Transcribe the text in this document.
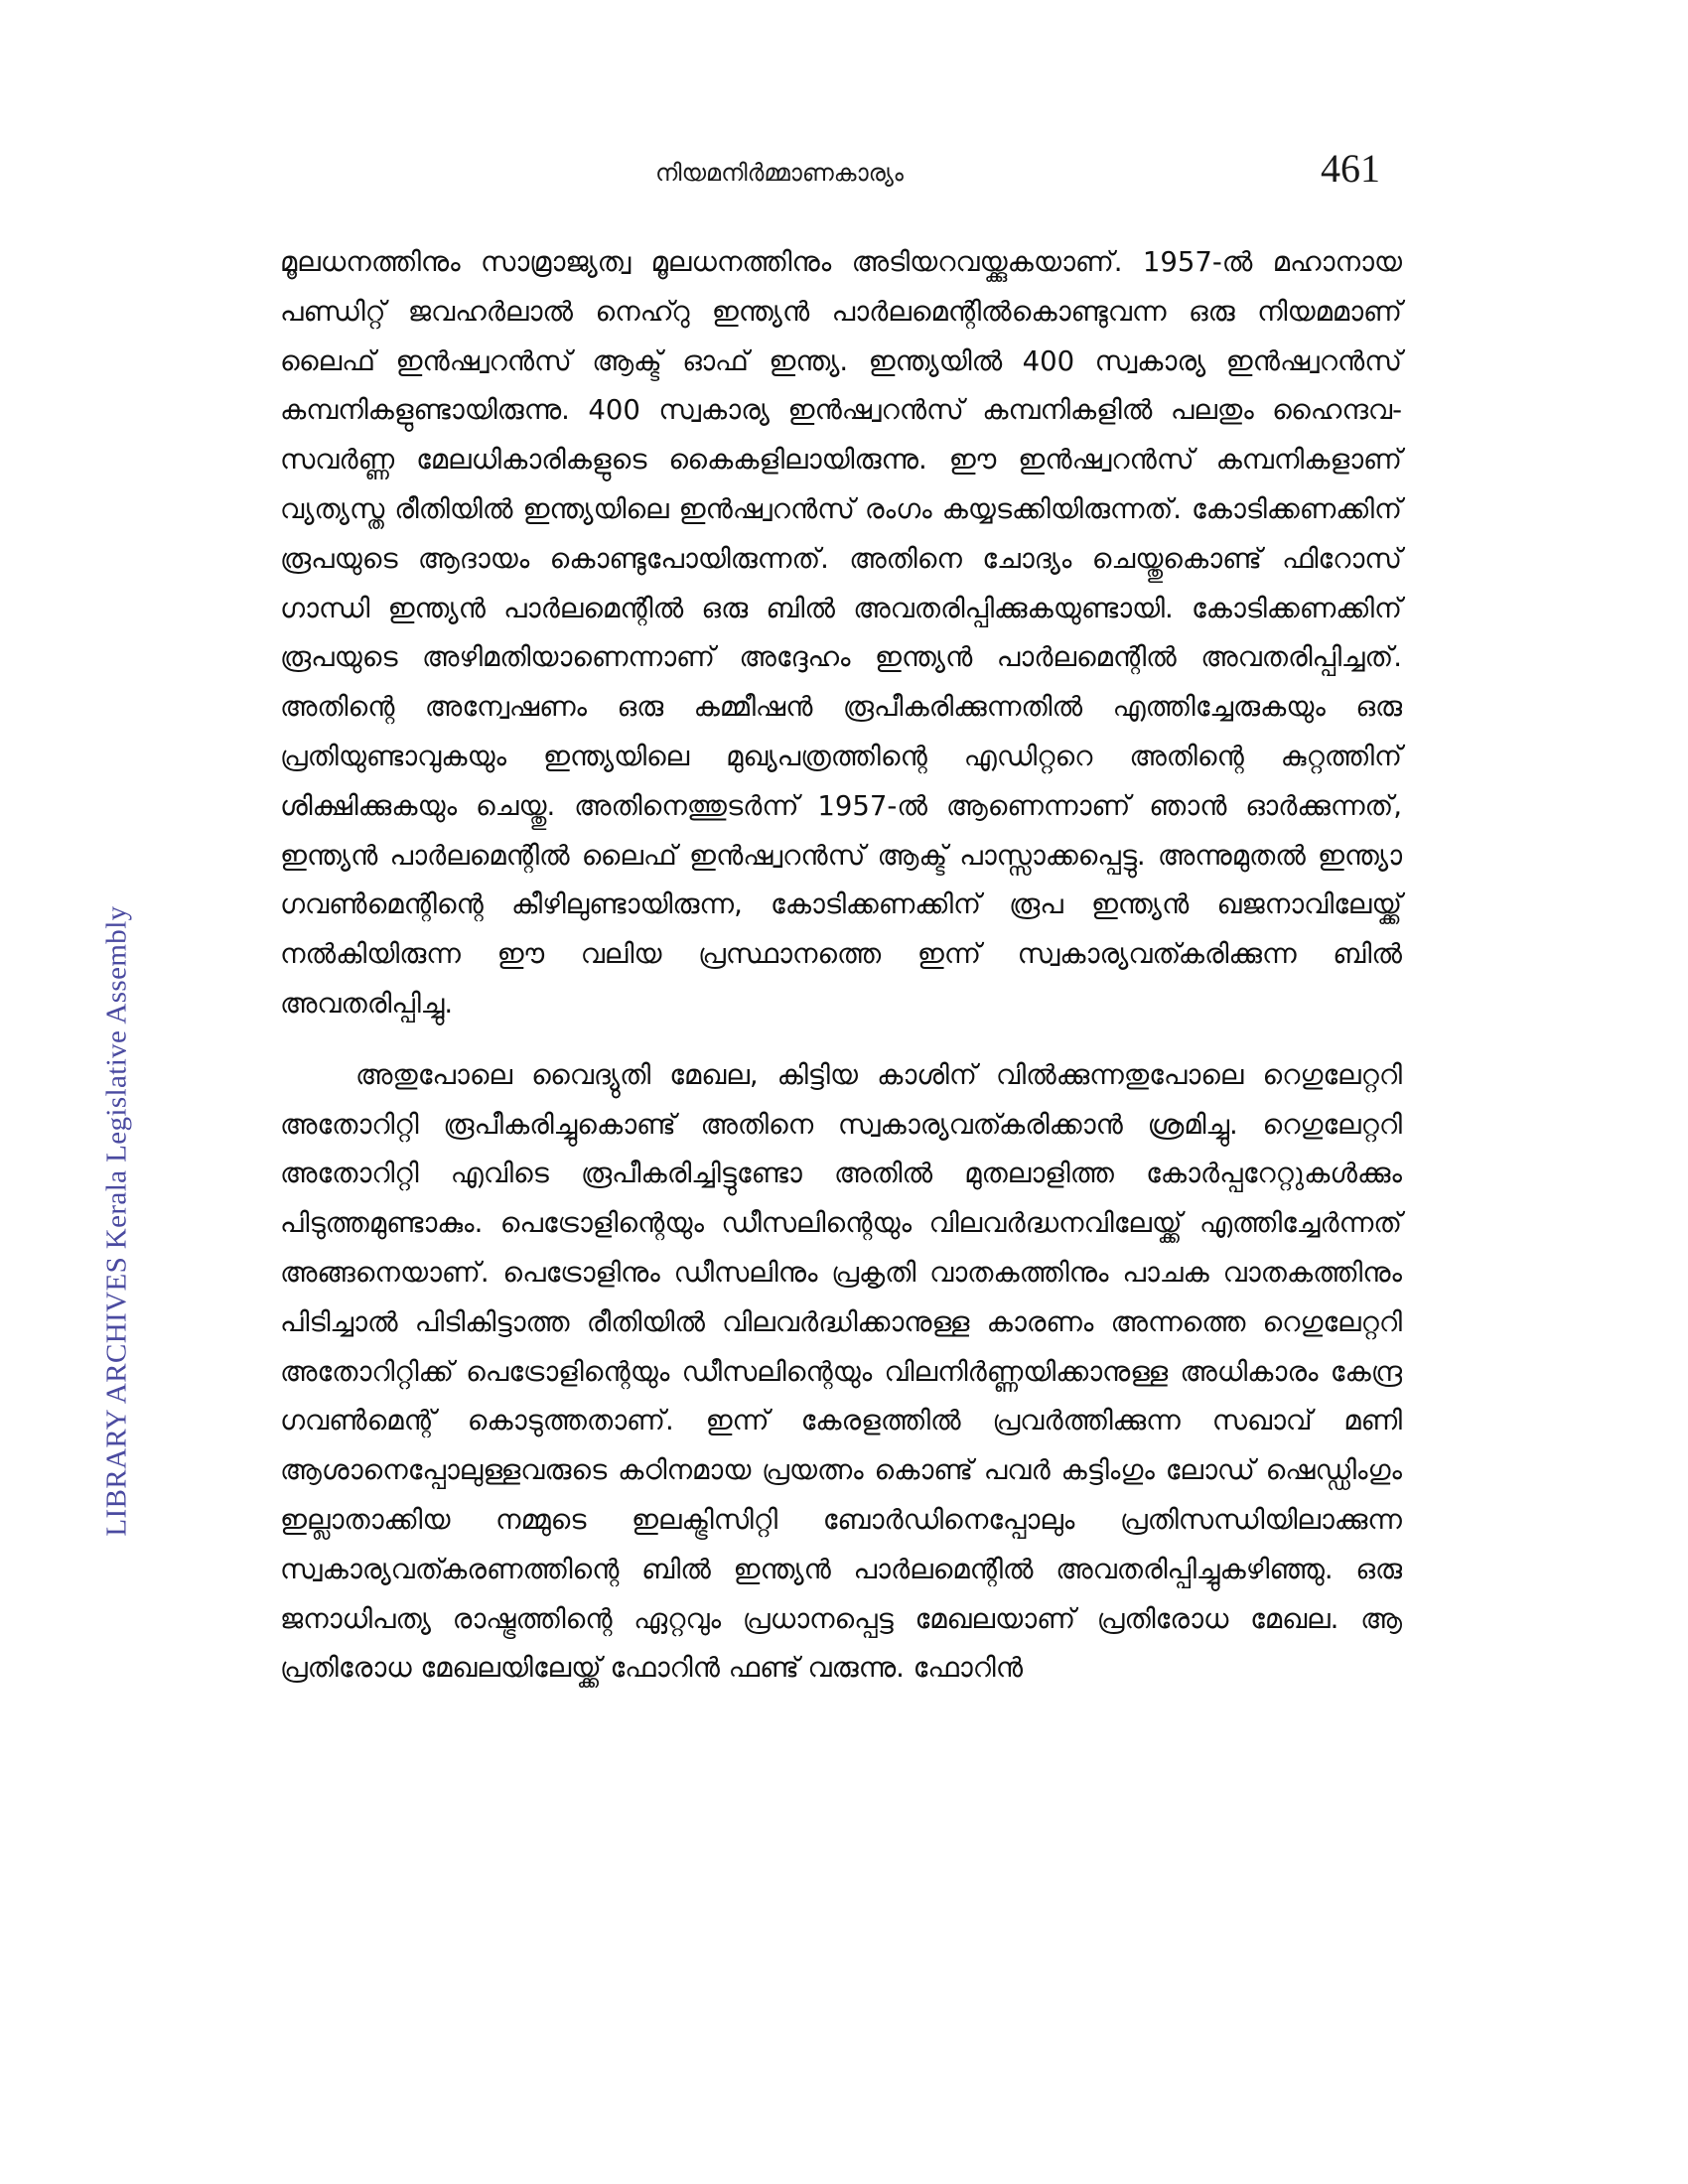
നിയമനിർമ്മാണകാര്യം	461
LIBRARY ARCHIVES Kerala Legislative Assembly

മൂലധനത്തിനും സാമ്രാജ്യത്വ മൂലധനത്തിനും അടിയറവയ്ക്കുകയാണ്. 1957-ൽ മഹാനായ പണ്ഡിറ്റ് ജവഹർലാൽ നെഹ്റു ഇന്ത്യൻ പാർലമെന്റിൽകൊണ്ടുവന്ന ഒരു നിയമമാണ് ലൈഫ് ഇൻഷ്വറൻസ് ആക്ട് ഓഫ് ഇന്ത്യ. ഇന്ത്യയിൽ 400 സ്വകാര്യ ഇൻഷ്വറൻസ് കമ്പനികളുണ്ടായിരുന്നു. 400 സ്വകാര്യ ഇൻഷ്വറൻസ് കമ്പനികളിൽ പലതും ഹൈന്ദവ-സവർണ്ണ മേലധികാരികളുടെ കൈകളിലായിരുന്നു. ഈ ഇൻഷ്വറൻസ് കമ്പനികളാണ് വ്യത്യസ്ത രീതിയിൽ ഇന്ത്യയിലെ ഇൻഷ്വറൻസ് രംഗം കയ്യടക്കിയിരുന്നത്. കോടിക്കണക്കിന് രൂപയുടെ ആദായം കൊണ്ടുപോയിരുന്നത്. അതിനെ ചോദ്യം ചെയ്തുകൊണ്ട് ഫിറോസ് ഗാന്ധി ഇന്ത്യൻ പാർലമെന്റിൽ ഒരു ബിൽ അവതരിപ്പിക്കുകയുണ്ടായി. കോടിക്കണക്കിന് രൂപയുടെ അഴിമതിയാണെന്നാണ് അദ്ദേഹം ഇന്ത്യൻ പാർലമെന്റിൽ അവതരിപ്പിച്ചത്. അതിന്റെ അന്വേഷണം ഒരു കമ്മീഷൻ രൂപീകരിക്കുന്നതിൽ എത്തിച്ചേരുകയും ഒരു പ്രതിയുണ്ടാവുകയും ഇന്ത്യയിലെ മുഖ്യപത്രത്തിന്റെ എഡിറ്ററെ അതിന്റെ കുറ്റത്തിന് ശിക്ഷിക്കുകയും ചെയ്തു. അതിനെത്തുടർന്ന് 1957-ൽ ആണെന്നാണ് ഞാൻ ഓർക്കുന്നത്, ഇന്ത്യൻ പാർലമെന്റിൽ ലൈഫ് ഇൻഷ്വറൻസ് ആക്ട് പാസ്സാക്കപ്പെട്ടു. അന്നുമുതൽ ഇന്ത്യാ ഗവൺമെന്റിന്റെ കീഴിലുണ്ടായിരുന്ന, കോടിക്കണക്കിന് രൂപ ഇന്ത്യൻ ഖജനാവിലേയ്ക്ക് നൽകിയിരുന്ന ഈ വലിയ പ്രസ്ഥാനത്തെ ഇന്ന് സ്വകാര്യവത്കരിക്കുന്ന ബിൽ അവതരിപ്പിച്ചു.

അതുപോലെ വൈദ്യുതി മേഖല, കിട്ടിയ കാശിന് വിൽക്കുന്നതുപോലെ റെഗുലേറ്ററി അതോറിറ്റി രൂപീകരിച്ചുകൊണ്ട് അതിനെ സ്വകാര്യവത്കരിക്കാൻ ശ്രമിച്ചു. റെഗുലേറ്ററി അതോറിറ്റി എവിടെ രൂപീകരിച്ചിട്ടുണ്ടോ അതിൽ മുതലാളിത്ത കോർപ്പറേറ്റുകൾക്കും പിടുത്തമുണ്ടാകും. പെട്രോളിന്റെയും ഡീസലിന്റെയും വിലവർദ്ധനവിലേയ്ക്ക് എത്തിച്ചേർന്നത് അങ്ങനെയാണ്. പെട്രോളിനും ഡീസലിനും പ്രകൃതി വാതകത്തിനും പാചക വാതകത്തിനും പിടിച്ചാൽ പിടികിട്ടാത്ത രീതിയിൽ വിലവർദ്ധിക്കാനുള്ള കാരണം അന്നത്തെ റെഗുലേറ്ററി അതോറിറ്റിക്ക് പെട്രോളിന്റെയും ഡീസലിന്റെയും വിലനിർണ്ണയിക്കാനുള്ള അധികാരം കേന്ദ്ര ഗവൺമെന്റ് കൊടുത്തതാണ്. ഇന്ന് കേരളത്തിൽ പ്രവർത്തിക്കുന്ന സഖാവ് മണി ആശാനെപ്പോലുള്ളവരുടെ കഠിനമായ പ്രയത്നം കൊണ്ട് പവർ കട്ടിംഗും ലോഡ് ഷെഡ്ഡിംഗും ഇല്ലാതാക്കിയ നമ്മുടെ ഇലക്ട്രിസിറ്റി ബോർഡിനെപ്പോലും പ്രതിസന്ധിയിലാക്കുന്ന സ്വകാര്യവത്കരണത്തിന്റെ ബിൽ ഇന്ത്യൻ പാർലമെന്റിൽ അവതരിപ്പിച്ചുകഴിഞ്ഞു. ഒരു ജനാധിപത്യ രാഷ്ട്രത്തിന്റെ ഏറ്റവും പ്രധാനപ്പെട്ട മേഖലയാണ് പ്രതിരോധ മേഖല. ആ പ്രതിരോധ മേഖലയിലേയ്ക്ക് ഫോറിൻ ഫണ്ട് വരുന്നു. ഫോറിൻ
